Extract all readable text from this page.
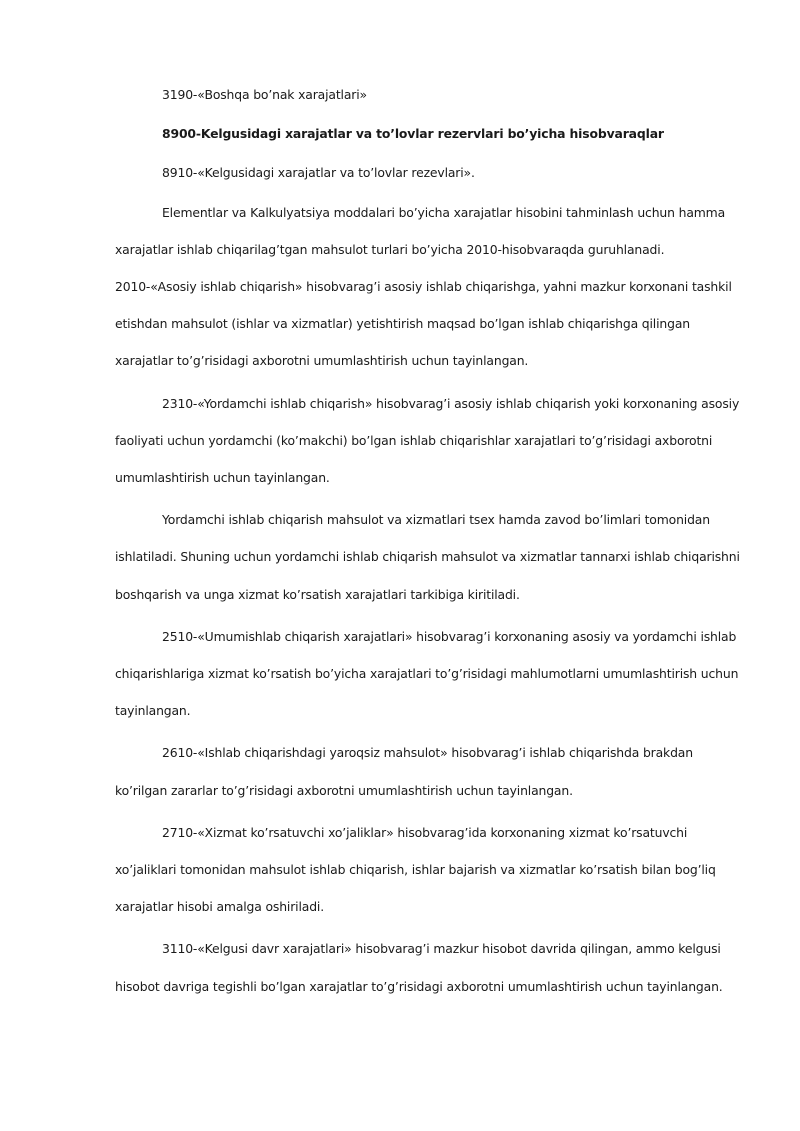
3190-«Boshqa bo’nak xarajatlari»

8900-Kelgusidagi xarajatlar va to’lovlar rezervlari bo’yicha hisobvaraqlar

8910-«Kelgusidagi xarajatlar va to’lovlar rezevlari».

Elementlar va Kalkulyatsiya moddalari bo’yicha xarajatlar hisobini tahminlash uchun hamma xarajatlar ishlab chiqarilag’tgan mahsulot turlari bo’yicha 2010-hisobvaraqda guruhlanadi. 2010-«Asosiy ishlab chiqarish» hisobvarag’i asosiy ishlab chiqarishga, yahni mazkur korxonani tashkil etishdan mahsulot (ishlar va xizmatlar) yetishtirish maqsad bo’lgan ishlab chiqarishga qilingan xarajatlar to’g’risidagi axborotni umumlashtirish uchun tayinlangan.

2310-«Yordamchi ishlab chiqarish» hisobvarag’i asosiy ishlab chiqarish yoki korxonaning asosiy faoliyati uchun yordamchi (ko’makchi) bo’lgan ishlab chiqarishlar xarajatlari to’g’risidagi axborotni umumlashtirish uchun tayinlangan.

Yordamchi ishlab chiqarish mahsulot va xizmatlari tsex hamda zavod bo’limlari tomonidan ishlatiladi. Shuning uchun yordamchi ishlab chiqarish mahsulot va xizmatlar tannarxi ishlab chiqarishni boshqarish va unga xizmat ko’rsatish xarajatlari tarkibiga kiritiladi.

2510-«Umumishlab chiqarish xarajatlari» hisobvarag’i korxonaning asosiy va yordamchi ishlab chiqarishlariga xizmat ko’rsatish bo’yicha xarajatlari to’g’risidagi mahlumotlarni umumlashtirish uchun tayinlangan.

2610-«Ishlab chiqarishdagi yaroqsiz mahsulot» hisobvarag’i ishlab chiqarishda brakdan ko’rilgan zararlar to’g’risidagi axborotni umumlashtirish uchun tayinlangan.

2710-«Xizmat ko’rsatuvchi xo’jaliklar» hisobvarag’ida korxonaning xizmat ko’rsatuvchi xo’jaliklari tomonidan mahsulot ishlab chiqarish, ishlar bajarish va xizmatlar ko’rsatish bilan bog’liq xarajatlar hisobi amalga oshiriladi.

3110-«Kelgusi davr xarajatlari» hisobvarag’i mazkur hisobot davrida qilingan, ammo kelgusi hisobot davriga tegishli bo’lgan xarajatlar to’g’risidagi axborotni umumlashtirish uchun tayinlangan.
